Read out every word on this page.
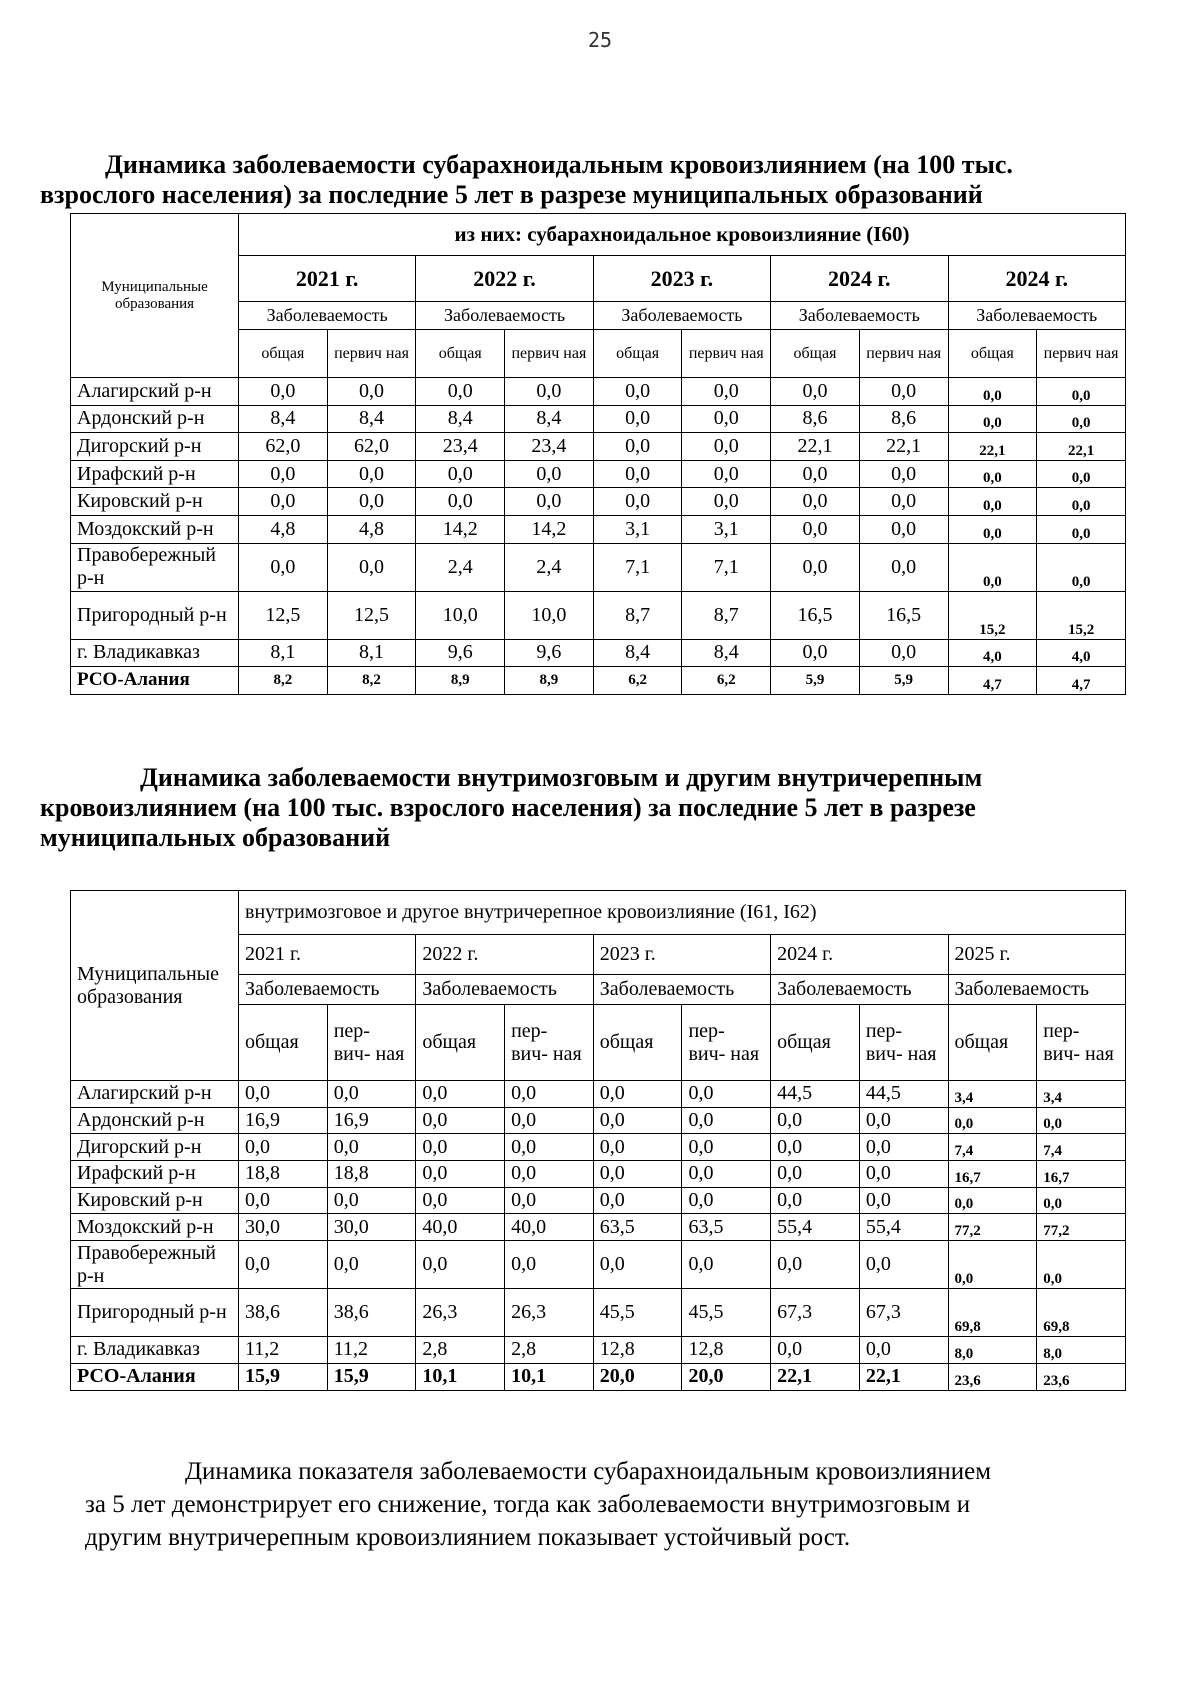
25
Динамика заболеваемости субарахноидальным кровоизлиянием (на 100 тыс.
взрослого населения) за последние 5 лет в разрезе муниципальных образований
Муниципальные образования	из них: субарахноидальное кровоизлияние (I60)									
	2021 г.		2022 г.		2023 г.		2024 г.		2024 г.	
	Заболеваемость		Заболеваемость		Заболеваемость		Заболеваемость		Заболеваемость	
	общая	первич ная	общая	первич ная	общая	первич ная	общая	первич ная	общая	первич ная
Алагирский р-н	0,0	0,0	0,0	0,0	0,0	0,0	0,0	0,0	0,0	0,0
Ардонский р-н	8,4	8,4	8,4	8,4	0,0	0,0	8,6	8,6	0,0	0,0
Дигорский р-н	62,0	62,0	23,4	23,4	0,0	0,0	22,1	22,1	22,1	22,1
Ирафский р-н	0,0	0,0	0,0	0,0	0,0	0,0	0,0	0,0	0,0	0,0
Кировский р-н	0,0	0,0	0,0	0,0	0,0	0,0	0,0	0,0	0,0	0,0
Моздокский р-н	4,8	4,8	14,2	14,2	3,1	3,1	0,0	0,0	0,0	0,0
Правобережный р-н	0,0	0,0	2,4	2,4	7,1	7,1	0,0	0,0	0,0	0,0
Пригородный р-н	12,5	12,5	10,0	10,0	8,7	8,7	16,5	16,5	15,2	15,2
г. Владикавказ	8,1	8,1	9,6	9,6	8,4	8,4	0,0	0,0	4,0	4,0
РСО-Алания	8,2	8,2	8,9	8,9	6,2	6,2	5,9	5,9	4,7	4,7
Динамика заболеваемости внутримозговым и другим внутричерепным
кровоизлиянием (на 100 тыс. взрослого населения) за последние 5 лет в разрезе
муниципальных образований
Муниципальные образования	внутримозговое и другое внутричерепное кровоизлияние (I61, I62)									
	2021 г.		2022 г.		2023 г.		2024 г.		2025 г.	
	Заболеваемость		Заболеваемость		Заболеваемость		Заболеваемость		Заболеваемость	
	общая	пер- вич- ная	общая	пер- вич- ная	общая	пер- вич- ная	общая	пер- вич- ная	общая	пер- вич- ная
Алагирский р-н	0,0	0,0	0,0	0,0	0,0	0,0	44,5	44,5	3,4	3,4
Ардонский р-н	16,9	16,9	0,0	0,0	0,0	0,0	0,0	0,0	0,0	0,0
Дигорский р-н	0,0	0,0	0,0	0,0	0,0	0,0	0,0	0,0	7,4	7,4
Ирафский р-н	18,8	18,8	0,0	0,0	0,0	0,0	0,0	0,0	16,7	16,7
Кировский р-н	0,0	0,0	0,0	0,0	0,0	0,0	0,0	0,0	0,0	0,0
Моздокский р-н	30,0	30,0	40,0	40,0	63,5	63,5	55,4	55,4	77,2	77,2
Правобережный р-н	0,0	0,0	0,0	0,0	0,0	0,0	0,0	0,0	0,0	0,0
Пригородный р-н	38,6	38,6	26,3	26,3	45,5	45,5	67,3	67,3	69,8	69,8
г. Владикавказ	11,2	11,2	2,8	2,8	12,8	12,8	0,0	0,0	8,0	8,0
РСО-Алания	15,9	15,9	10,1	10,1	20,0	20,0	22,1	22,1	23,6	23,6
Динамика показателя заболеваемости субарахноидальным кровоизлиянием
за 5 лет демонстрирует его снижение, тогда как заболеваемости внутримозговым и
другим внутричерепным кровоизлиянием показывает устойчивый рост.
